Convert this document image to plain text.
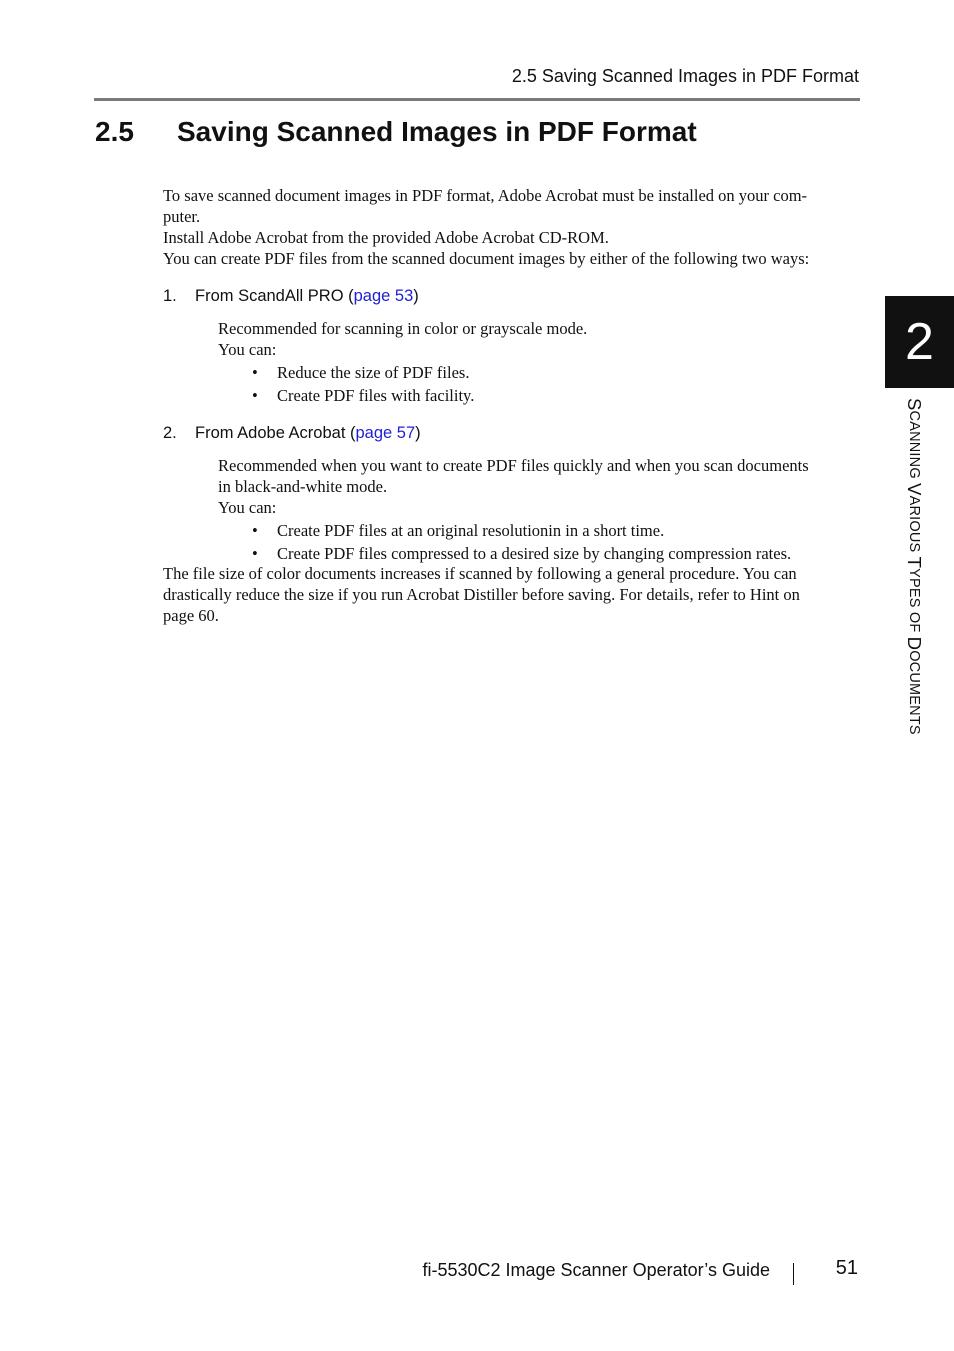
2.5 Saving Scanned Images in PDF Format
2.5 Saving Scanned Images in PDF Format

To save scanned document images in PDF format, Adobe Acrobat must be installed on your com-

puter.

Install Adobe Acrobat from the provided Adobe Acrobat CD-ROM.

You can create PDF files from the scanned document images by either of the following two ways:

1. From ScandAll PRO (page 53)

Recommended for scanning in color or grayscale mode.

You can:

• Reduce the size of PDF files.
• Create PDF files with facility.
2. From Adobe Acrobat (page 57)

Recommended when you want to create PDF files quickly and when you scan documents

in black-and-white mode.

You can:

• Create PDF files at an original resolutionin in a short time.
• Create PDF files compressed to a desired size by changing compression rates.

The file size of color documents increases if scanned by following a general procedure. You can

drastically reduce the size if you run Acrobat Distiller before saving. For details, refer to Hint on

page 60.

2
SCANNING VARIOUS TYPES OF DOCUMENTS
fi-5530C2 Image Scanner Operator’s Guide	51
